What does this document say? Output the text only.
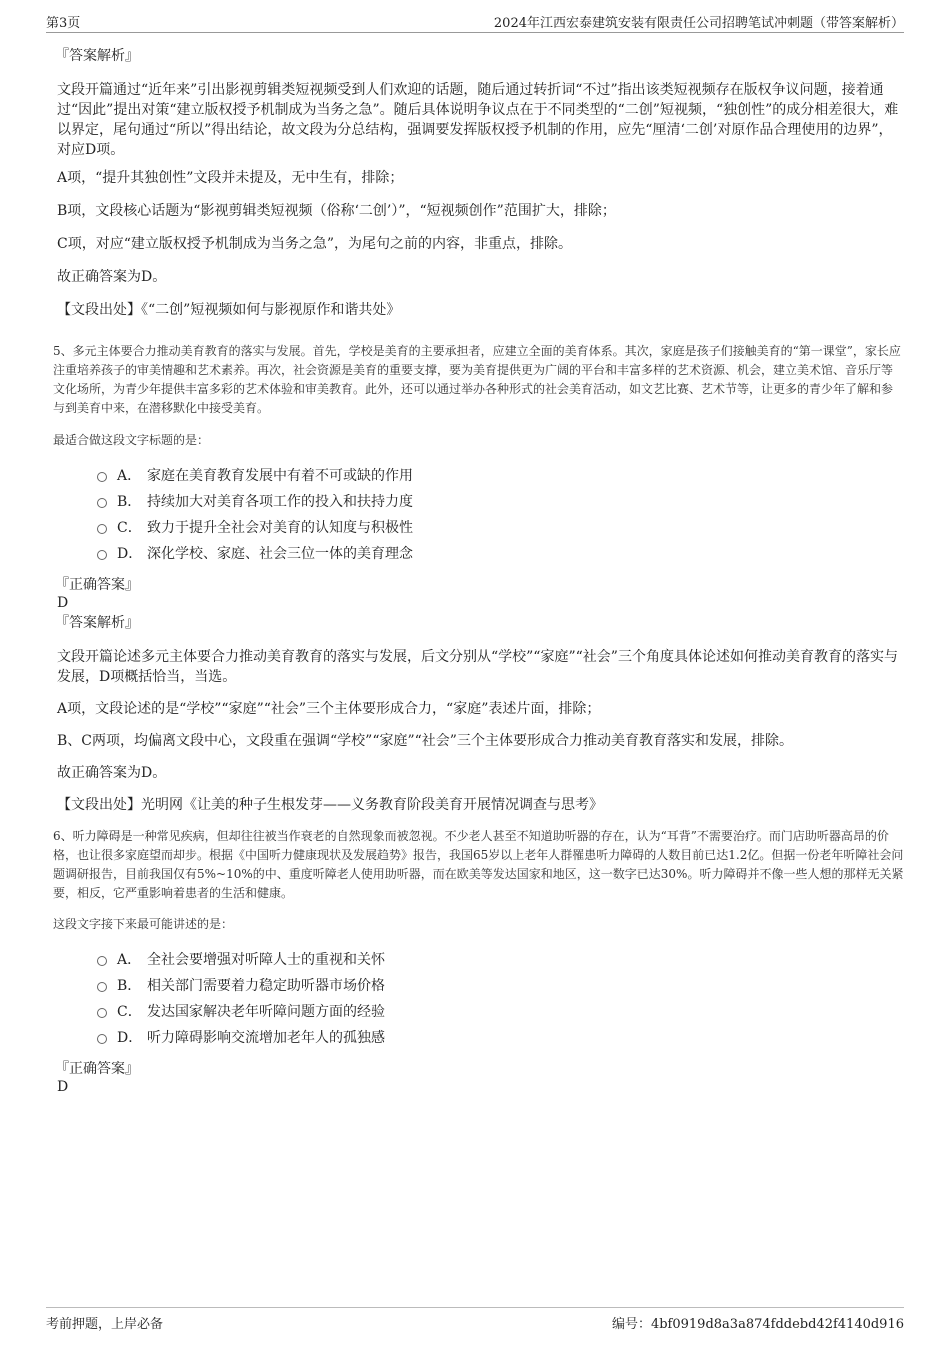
第3页	2024年江西宏泰建筑安装有限责任公司招聘笔试冲刺题（带答案解析）
『答案解析』
文段开篇通过“近年来”引出影视剪辑类短视频受到人们欢迎的话题，随后通过转折词“不过”指出该类短视频存在版权争议问题，接着通过“因此”提出对策“建立版权授予机制成为当务之急”。随后具体说明争议点在于不同类型的“二创”短视频，“独创性”的成分相差很大，难以界定，尾句通过“所以”得出结论，故文段为分总结构，强调要发挥版权授予机制的作用，应先“厘清‘二创’对原作品合理使用的边界”，对应D项。
A项，“提升其独创性”文段并未提及，无中生有，排除；
B项，文段核心话题为“影视剪辑类短视频（俗称‘二创’）”，“短视频创作”范围扩大，排除；
C项，对应“建立版权授予机制成为当务之急”，为尾句之前的内容，非重点，排除。
故正确答案为D。
【文段出处】《“二创”短视频如何与影视原作和谐共处》
5、多元主体要合力推动美育教育的落实与发展。首先，学校是美育的主要承担者，应建立全面的美育体系。其次，家庭是孩子们接触美育的“第一课堂”，家长应注重培养孩子的审美情趣和艺术素养。再次，社会资源是美育的重要支撑，要为美育提供更为广阔的平台和丰富多样的艺术资源、机会，建立美术馆、音乐厅等文化场所，为青少年提供丰富多彩的艺术体验和审美教育。此外，还可以通过举办各种形式的社会美育活动，如文艺比赛、艺术节等，让更多的青少年了解和参与到美育中来，在潜移默化中接受美育。
最适合做这段文字标题的是：
A． 家庭在美育教育发展中有着不可或缺的作用
B． 持续加大对美育各项工作的投入和扶持力度
C． 致力于提升全社会对美育的认知度与积极性
D． 深化学校、家庭、社会三位一体的美育理念
『正确答案』
D
『答案解析』
文段开篇论述多元主体要合力推动美育教育的落实与发展，后文分别从“学校”“家庭”“社会”三个角度具体论述如何推动美育教育的落实与发展，D项概括恰当，当选。
A项，文段论述的是“学校”“家庭”“社会”三个主体要形成合力，“家庭”表述片面，排除；
B、C两项，均偏离文段中心，文段重在强调“学校”“家庭”“社会”三个主体要形成合力推动美育教育落实和发展，排除。
故正确答案为D。
【文段出处】光明网《让美的种子生根发芽——义务教育阶段美育开展情况调查与思考》
6、听力障碍是一种常见疾病，但却往往被当作衰老的自然现象而被忽视。不少老人甚至不知道助听器的存在，认为“耳背”不需要治疗。而门店助听器高昂的价格，也让很多家庭望而却步。根据《中国听力健康现状及发展趋势》报告，我国65岁以上老年人群罹患听力障碍的人数目前已达1.2亿。但据一份老年听障社会问题调研报告，目前我国仅有5%~10%的中、重度听障老人使用助听器，而在欧美等发达国家和地区，这一数字已达30%。听力障碍并不像一些人想的那样无关紧要，相反，它严重影响着患者的生活和健康。
这段文字接下来最可能讲述的是：
A． 全社会要增强对听障人士的重视和关怀
B． 相关部门需要着力稳定助听器市场价格
C． 发达国家解决老年听障问题方面的经验
D． 听力障碍影响交流增加老年人的孤独感
『正确答案』
D
考前押题，上岸必备	编号：4bf0919d8a3a874fddebd42f4140d916
